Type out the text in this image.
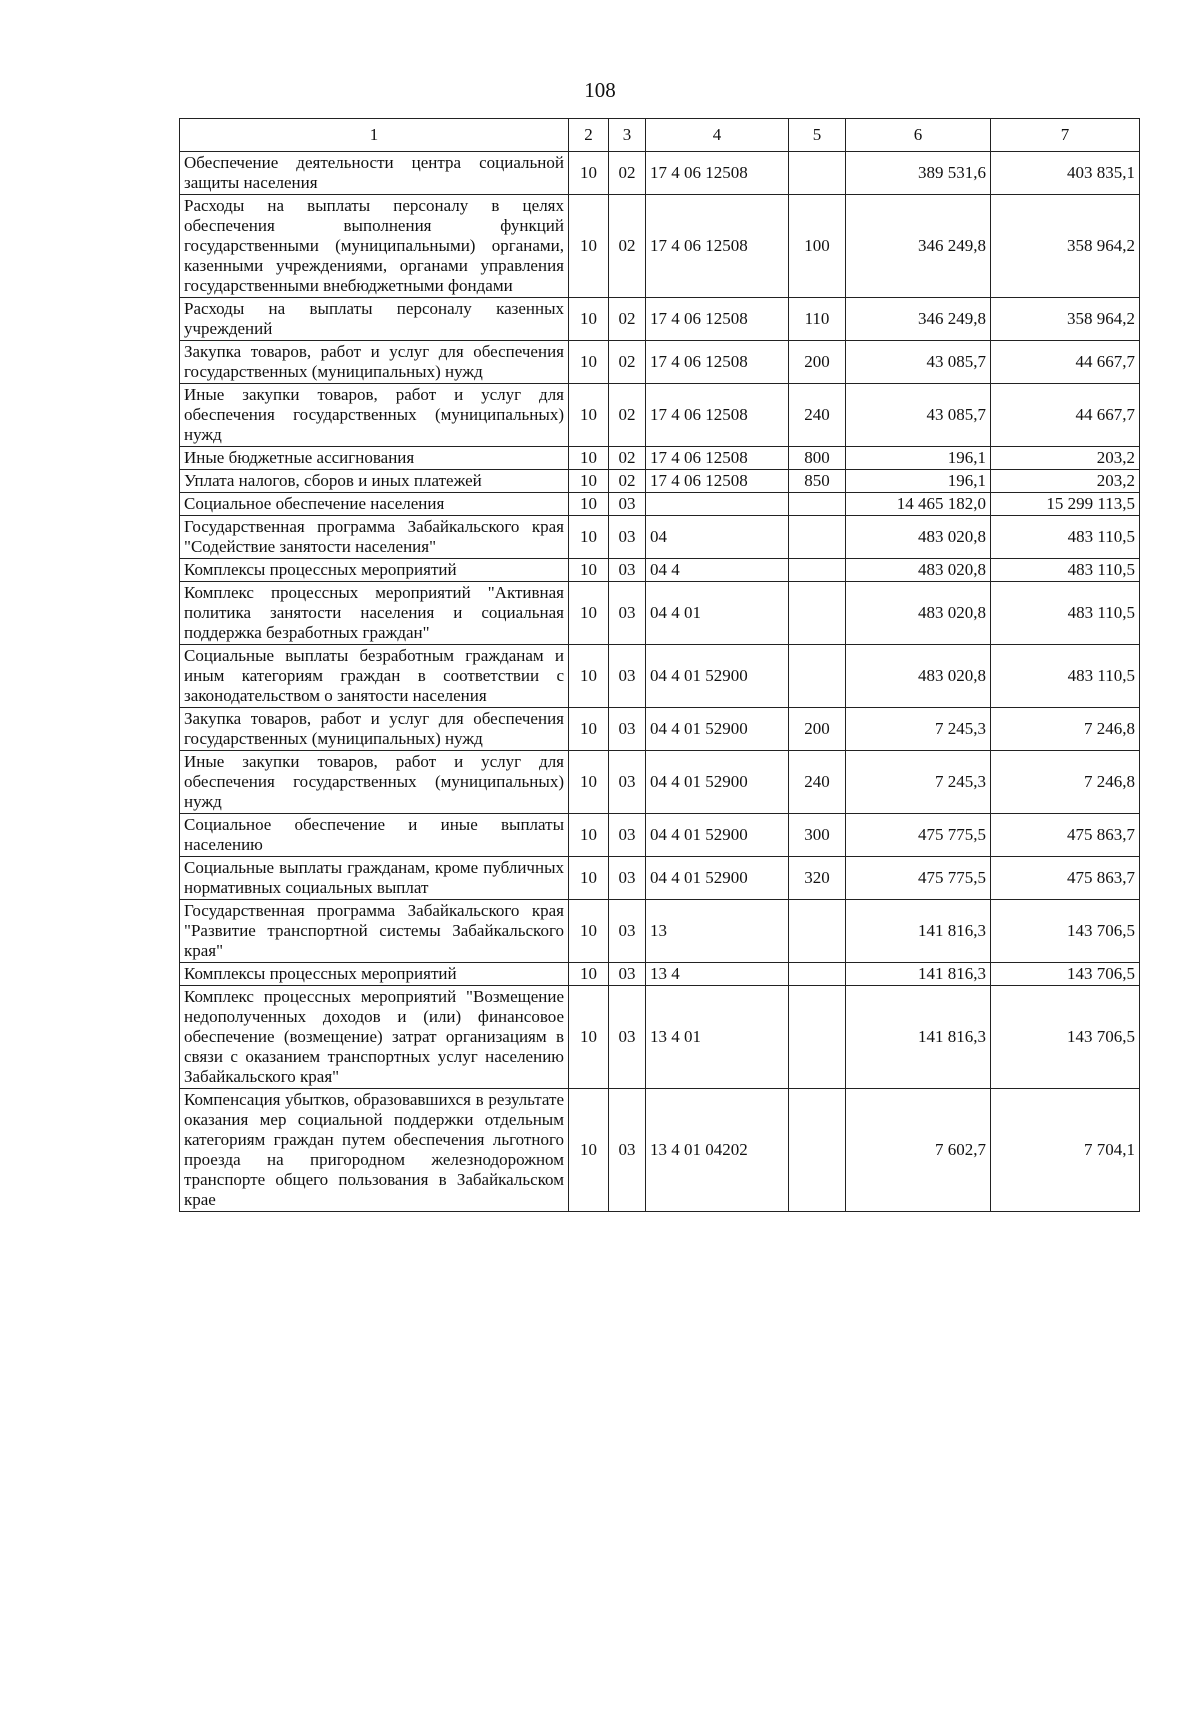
108
1	2	3	4	5	6	7
Обеспечение деятельности центра социальной защиты населения	10	02	17 4 06 12508		389 531,6	403 835,1
Расходы на выплаты персоналу в целях обеспечения выполнения функций государственными (муниципальными) органами, казенными учреждениями, органами управления государственными внебюджетными фондами	10	02	17 4 06 12508	100	346 249,8	358 964,2
Расходы на выплаты персоналу казенных учреждений	10	02	17 4 06 12508	110	346 249,8	358 964,2
Закупка товаров, работ и услуг для обеспечения государственных (муниципальных) нужд	10	02	17 4 06 12508	200	43 085,7	44 667,7
Иные закупки товаров, работ и услуг для обеспечения государственных (муниципальных) нужд	10	02	17 4 06 12508	240	43 085,7	44 667,7
Иные бюджетные ассигнования	10	02	17 4 06 12508	800	196,1	203,2
Уплата налогов, сборов и иных платежей	10	02	17 4 06 12508	850	196,1	203,2
Социальное обеспечение населения	10	03			14 465 182,0	15 299 113,5
Государственная программа Забайкальского края "Содействие занятости населения"	10	03	04		483 020,8	483 110,5
Комплексы процессных мероприятий	10	03	04 4		483 020,8	483 110,5
Комплекс процессных мероприятий "Активная политика занятости населения и социальная поддержка безработных граждан"	10	03	04 4 01		483 020,8	483 110,5
Социальные выплаты безработным гражданам и иным категориям граждан в соответствии с законодательством о занятости населения	10	03	04 4 01 52900		483 020,8	483 110,5
Закупка товаров, работ и услуг для обеспечения государственных (муниципальных) нужд	10	03	04 4 01 52900	200	7 245,3	7 246,8
Иные закупки товаров, работ и услуг для обеспечения государственных (муниципальных) нужд	10	03	04 4 01 52900	240	7 245,3	7 246,8
Социальное обеспечение и иные выплаты населению	10	03	04 4 01 52900	300	475 775,5	475 863,7
Социальные выплаты гражданам, кроме публичных нормативных социальных выплат	10	03	04 4 01 52900	320	475 775,5	475 863,7
Государственная программа Забайкальского края "Развитие транспортной системы Забайкальского края"	10	03	13		141 816,3	143 706,5
Комплексы процессных мероприятий	10	03	13 4		141 816,3	143 706,5
Комплекс процессных мероприятий "Возмещение недополученных доходов и (или) финансовое обеспечение (возмещение) затрат организациям в связи с оказанием транспортных услуг населению Забайкальского края"	10	03	13 4 01		141 816,3	143 706,5
Компенсация убытков, образовавшихся в результате оказания мер социальной поддержки отдельным категориям граждан путем обеспечения льготного проезда на пригородном железнодорожном транспорте общего пользования в Забайкальском крае	10	03	13 4 01 04202		7 602,7	7 704,1
